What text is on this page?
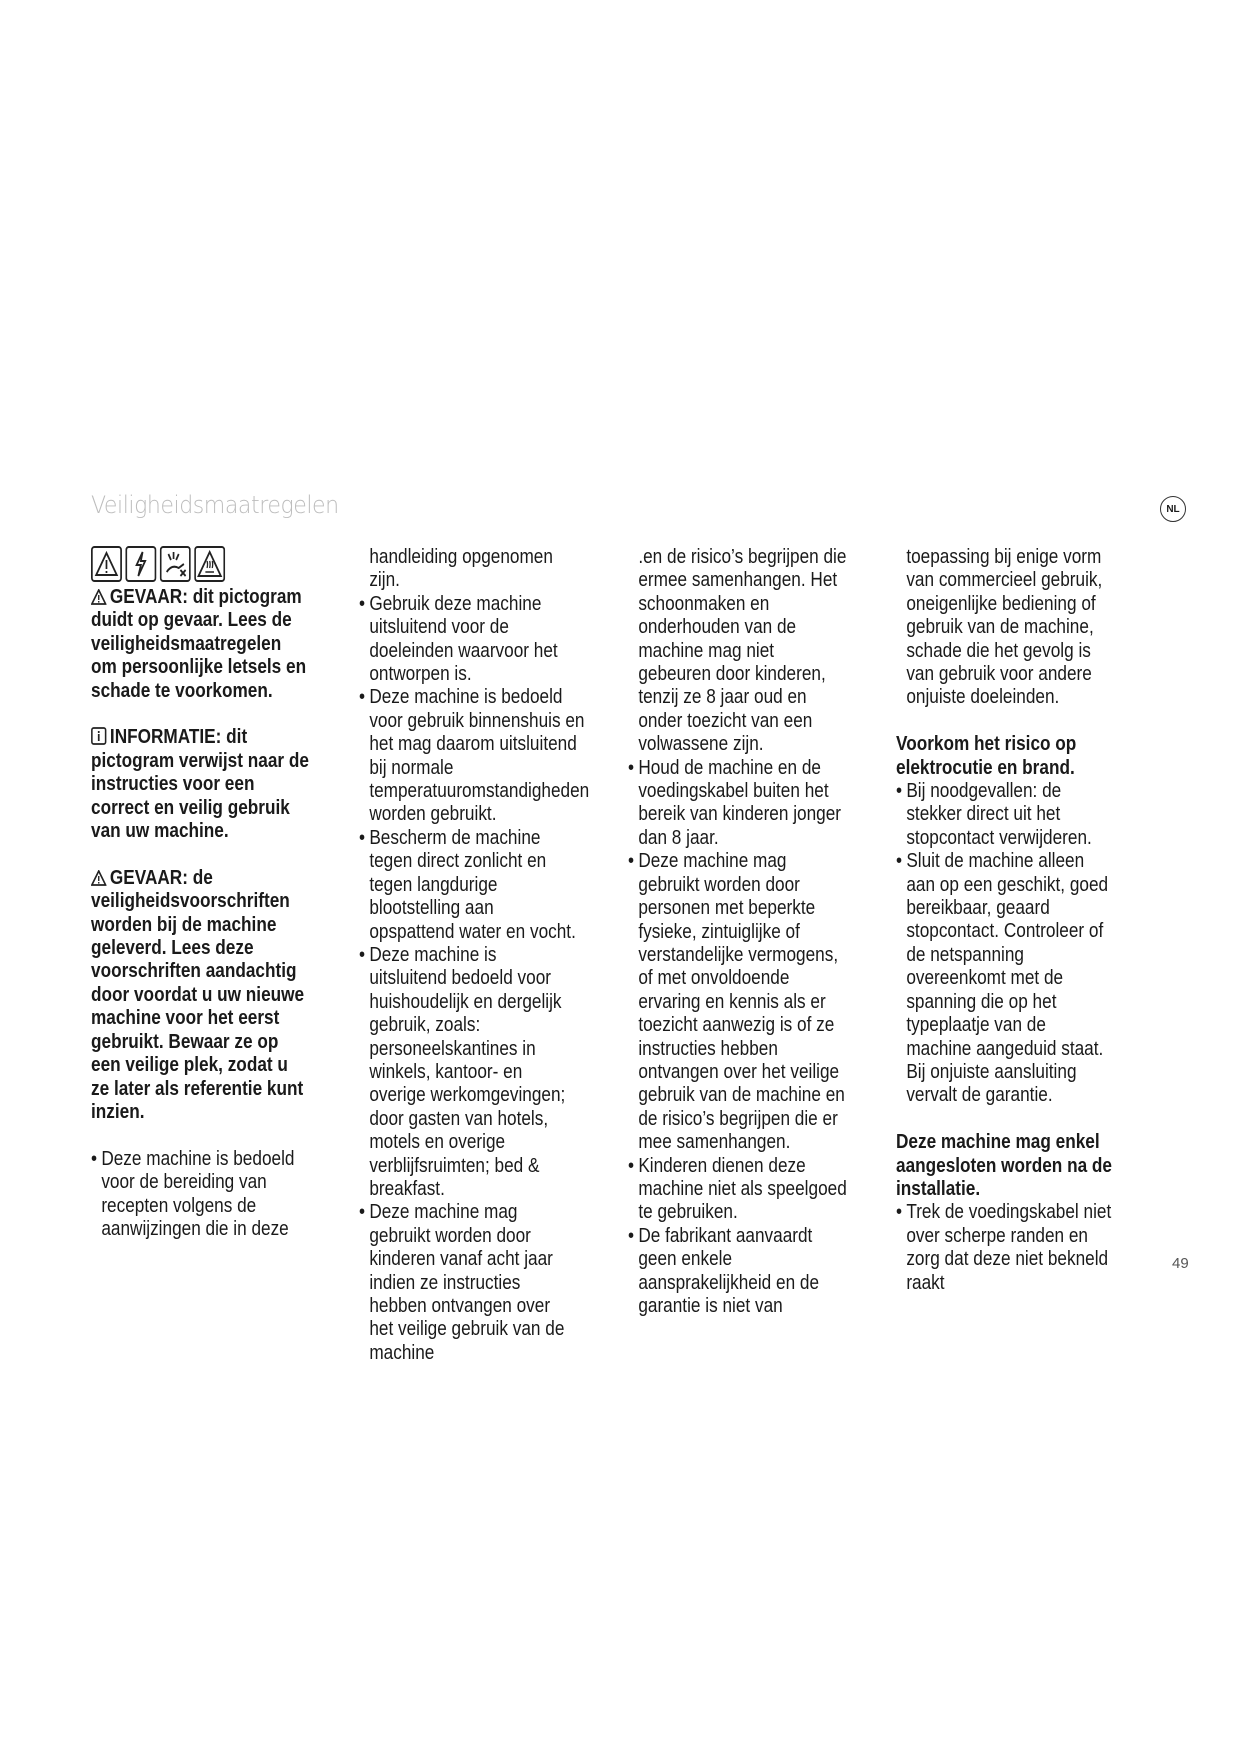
Veiligheidsmaatregelen	NL

GEVAAR: dit pictogram duidt op gevaar. Lees de veiligheidsmaatregelen om persoonlijke letsels en schade te voorkomen.

INFORMATIE: dit pictogram verwijst naar de instructies voor een correct en veilig gebruik van uw machine.

GEVAAR: de veiligheidsvoorschriften worden bij de machine geleverd. Lees deze voorschriften aandachtig door voordat u uw nieuwe machine voor het eerst gebruikt. Bewaar ze op een veilige plek, zodat u ze later als referentie kunt inzien.

• Deze machine is bedoeld voor de bereiding van recepten volgens de aanwijzingen die in deze

handleiding opgenomen zijn.

• Gebruik deze machine uitsluitend voor de doeleinden waarvoor het ontworpen is.
• Deze machine is bedoeld voor gebruik binnenshuis en het mag daarom uitsluitend bij normale temperatuuromstandigheden worden gebruikt.
• Bescherm de machine tegen direct zonlicht en tegen langdurige blootstelling aan opspattend water en vocht.
• Deze machine is uitsluitend bedoeld voor huishoudelijk en dergelijk gebruik, zoals: personeelskantines in winkels, kantoor- en overige werkomgevingen; door gasten van hotels, motels en overige verblijfsruimten; bed & breakfast.
• Deze machine mag gebruikt worden door kinderen vanaf acht jaar indien ze instructies hebben ontvangen over het veilige gebruik van de machine

.en de risico’s begrijpen die ermee samenhangen. Het schoonmaken en onderhouden van de machine mag niet gebeuren door kinderen, tenzij ze 8 jaar oud en onder toezicht van een volwassene zijn.

• Houd de machine en de voedingskabel buiten het bereik van kinderen jonger dan 8 jaar.
• Deze machine mag gebruikt worden door personen met beperkte fysieke, zintuiglijke of verstandelijke vermogens, of met onvoldoende ervaring en kennis als er toezicht aanwezig is of ze instructies hebben ontvangen over het veilige gebruik van de machine en de risico’s begrijpen die er mee samenhangen.
• Kinderen dienen deze machine niet als speelgoed te gebruiken.
• De fabrikant aanvaardt geen enkele aansprakelijkheid en de garantie is niet van

toepassing bij enige vorm van commercieel gebruik, oneigenlijke bediening of gebruik van de machine, schade die het gevolg is van gebruik voor andere onjuiste doeleinden.

Voorkom het risico op elektrocutie en brand.

• Bij noodgevallen: de stekker direct uit het stopcontact verwijderen.
• Sluit de machine alleen aan op een geschikt, goed bereikbaar, geaard stopcontact. Controleer of de netspanning overeenkomt met de spanning die op het typeplaatje van de machine aangeduid staat. Bij onjuiste aansluiting vervalt de garantie.

Deze machine mag enkel aangesloten worden na de installatie.

• Trek de voedingskabel niet over scherpe randen en zorg dat deze niet bekneld raakt
49
